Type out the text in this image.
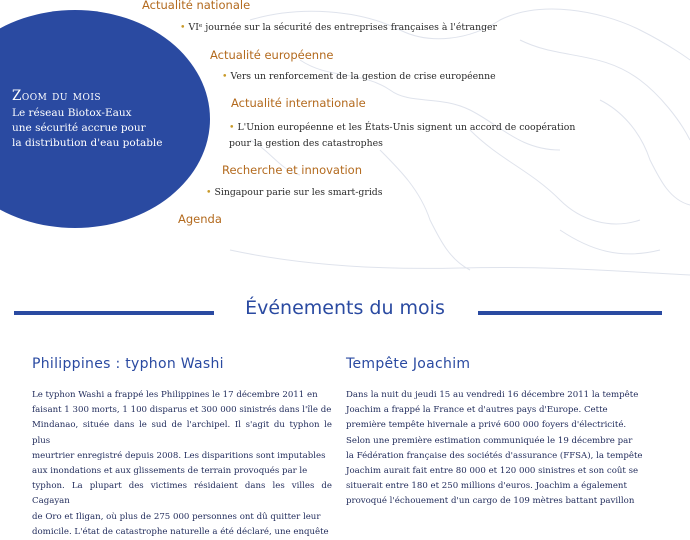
Zoom du mois
Le réseau Biotox-Eaux
une sécurité accrue pour
la distribution d'eau potable
Actualité nationale
• VIᵉ journée sur la sécurité des entreprises françaises à l'étranger
Actualité européenne
• Vers un renforcement de la gestion de crise européenne
Actualité internationale
• L'Union européenne et les États-Unis signent un accord de coopération
pour la gestion des catastrophes
Recherche et innovation
• Singapour parie sur les smart-grids
Agenda
Événements du mois
Philippines : typhon Washi
Le typhon Washi a frappé les Philippines le 17 décembre 2011 en
faisant 1 300 morts, 1 100 disparus et 300 000 sinistrés dans l'île de
Mindanao, située dans le sud de l'archipel. Il s'agit du typhon le plus
meurtrier enregistré depuis 2008. Les disparitions sont imputables
aux inondations et aux glissements de terrain provoqués par le
typhon. La plupart des victimes résidaient dans les villes de Cagayan
de Oro et Iligan, où plus de 275 000 personnes ont dû quitter leur
domicile. L'état de catastrophe naturelle a été déclaré, une enquête
Tempête Joachim
Dans la nuit du jeudi 15 au vendredi 16 décembre 2011 la tempête
Joachim a frappé la France et d'autres pays d'Europe. Cette
première tempête hivernale a privé 600 000 foyers d'électricité.
Selon une première estimation communiquée le 19 décembre par
la Fédération française des sociétés d'assurance (FFSA), la tempête
Joachim aurait fait entre 80 000 et 120 000 sinistres et son coût se
situerait entre 180 et 250 millions d'euros. Joachim a également
provoqué l'échouement d'un cargo de 109 mètres battant pavillon
